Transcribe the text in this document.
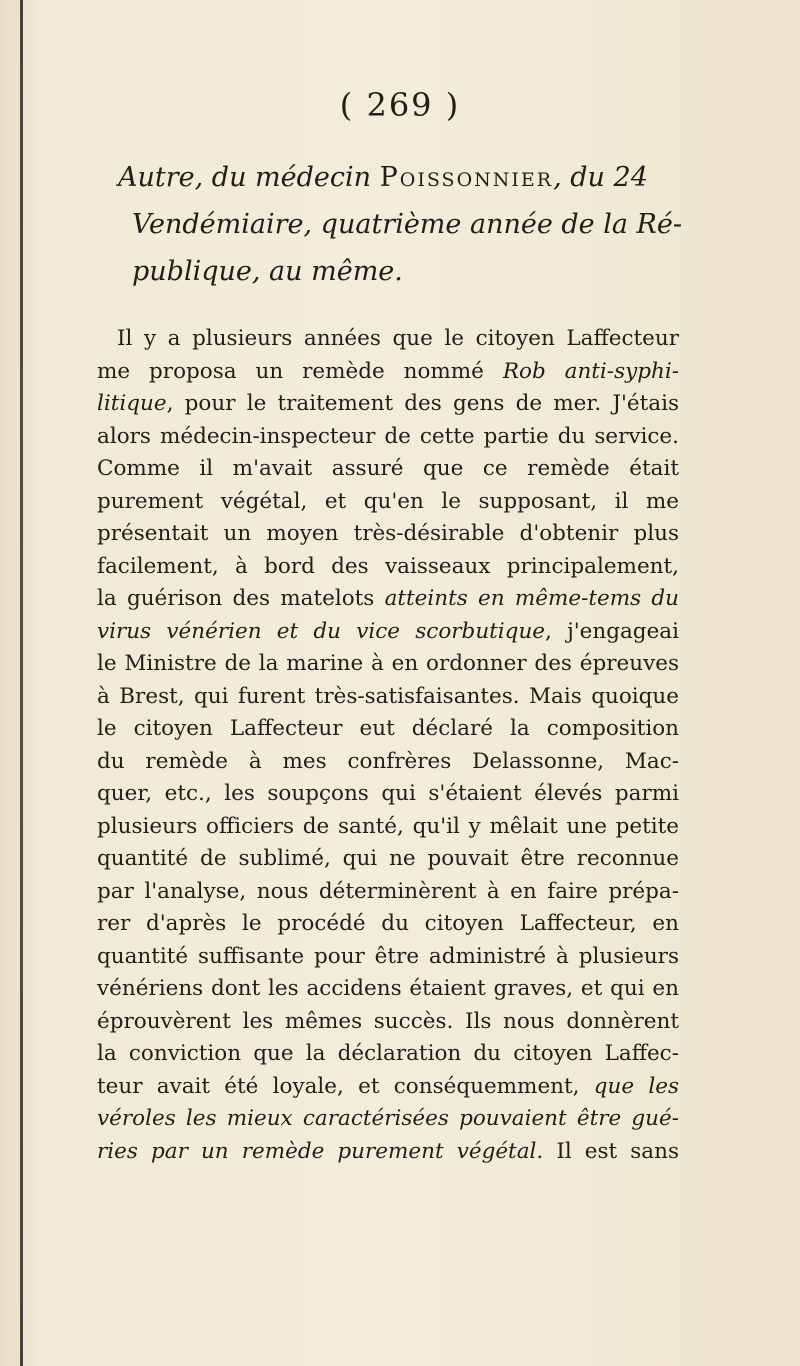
( 269 )
Autre, du médecin Poissonnier, du 24
Vendémiaire, quatrième année de la Ré-
publique, au même.
Il y a plusieurs années que le citoyen Laffecteur
me proposa un remède nommé Rob anti-syphi-
litique, pour le traitement des gens de mer. J'étais
alors médecin-inspecteur de cette partie du service.
Comme il m'avait assuré que ce remède était
purement végétal, et qu'en le supposant, il me
présentait un moyen très-désirable d'obtenir plus
facilement, à bord des vaisseaux principalement,
la guérison des matelots atteints en même-tems du
virus vénérien et du vice scorbutique, j'engageai
le Ministre de la marine à en ordonner des épreuves
à Brest, qui furent très-satisfaisantes. Mais quoique
le citoyen Laffecteur eut déclaré la composition
du remède à mes confrères Delassonne, Mac-
quer, etc., les soupçons qui s'étaient élevés parmi
plusieurs officiers de santé, qu'il y mêlait une petite
quantité de sublimé, qui ne pouvait être reconnue
par l'analyse, nous déterminèrent à en faire prépa-
rer d'après le procédé du citoyen Laffecteur, en
quantité suffisante pour être administré à plusieurs
vénériens dont les accidens étaient graves, et qui en
éprouvèrent les mêmes succès. Ils nous donnèrent
la conviction que la déclaration du citoyen Laffec-
teur avait été loyale, et conséquemment, que les
véroles les mieux caractérisées pouvaient être gué-
ries par un remède purement végétal. Il est sans
